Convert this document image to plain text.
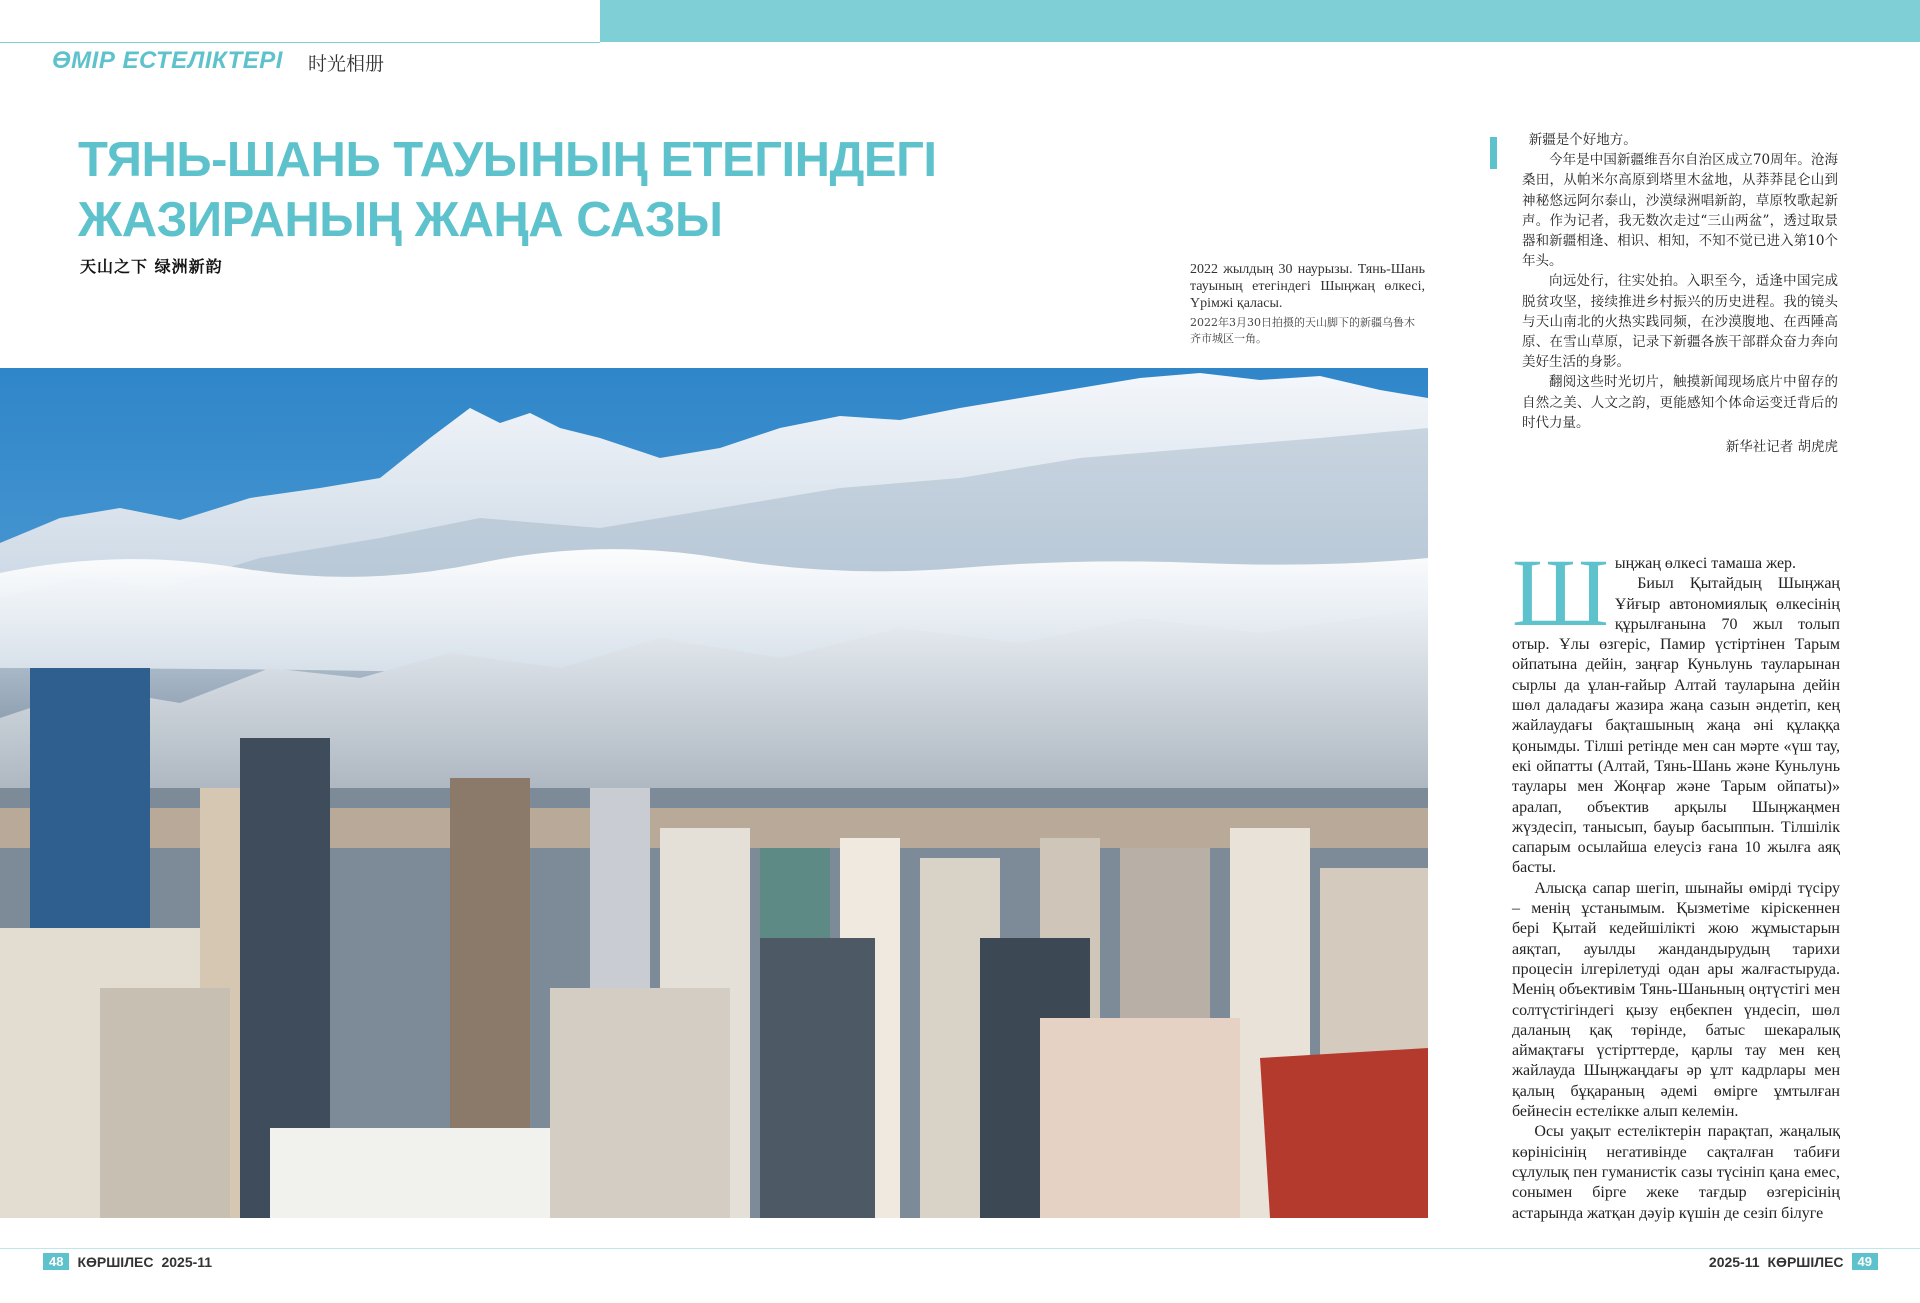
ӨМІР ЕСТЕЛІКТЕРІ 时光相册
ТЯНЬ-ШАНЬ ТАУЫНЫҢ ЕТЕГІНДЕГІ
ЖАЗИРАНЫҢ ЖАҢА САЗЫ
天山之下 绿洲新韵	2022 жылдың 30 наурызы. Тянь-Шань тауының етегіндегі Шыңжаң өлкесі, Үрімжі қаласы.
2022年3月30日拍摄的天山脚下的新疆乌鲁木齐市城区一角。

新疆是个好地方。

今年是中国新疆维吾尔自治区成立70周年。沧海桑田，从帕米尔高原到塔里木盆地，从莽莽昆仑山到神秘悠远阿尔泰山，沙漠绿洲唱新韵，草原牧歌起新声。作为记者，我无数次走过“三山两盆”，透过取景器和新疆相逢、相识、相知，不知不觉已进入第10个年头。

向远处行，往实处拍。入职至今，适逢中国完成脱贫攻坚，接续推进乡村振兴的历史进程。我的镜头与天山南北的火热实践同频，在沙漠腹地、在西陲高原、在雪山草原，记录下新疆各族干部群众奋力奔向美好生活的身影。

翻阅这些时光切片，触摸新闻现场底片中留存的自然之美、人文之韵，更能感知个体命运变迁背后的时代力量。

新华社记者 胡虎虎

Шыңжаң өлкесі тамаша жер.

Биыл Қытайдың Шыңжаң Ұйғыр автономиялық өлкесінің құрылғанына 70 жыл толып отыр. Ұлы өзгеріс, Памир үстіртінен Тарым ойпатына дейін, заңғар Куньлунь тауларынан сырлы да ұлан-ғайыр Алтай тауларына дейін шөл даладағы жазира жаңа сазын әндетіп, кең жайлаудағы бақташының жаңа әні құлаққа қонымды. Тілші ретінде мен сан мәрте «үш тау, екі ойпатты (Алтай, Тянь-Шань және Куньлунь таулары мен Жоңғар және Тарым ойпаты)» аралап, объектив арқылы Шыңжаңмен жүздесіп, танысып, бауыр басыппын. Тілшілік сапарым осылайша елеусіз ғана 10 жылға аяқ басты.

Алысқа сапар шегіп, шынайы өмірді түсіру – менің ұстанымым. Қызметіме кіріскеннен бері Қытай кедейшілікті жою жұмыстарын аяқтап, ауылды жандандырудың тарихи процесін ілгерілетуді одан ары жалғастыруда. Менің объективім Тянь-Шаньның оңтүстігі мен солтүстігіндегі қызу еңбекпен үндесіп, шөл даланың қақ төрінде, батыс шекаралық аймақтағы үстірттерде, қарлы тау мен кең жайлауда Шыңжаңдағы әр ұлт кадрлары мен қалың бұқараның әдемі өмірге ұмтылған бейнесін естелікке алып келемін.

Осы уақыт естеліктерін парақтап, жаңалық көрінісінің негативінде сақталған табиғи сұлулық пен гуманистік сазы түсініп қана емес, сонымен бірге жеке тағдыр өзгерісінің астарында жатқан дәуір күшін де сезіп білуге

48	КӨРШІЛЕС 2025-11	2025-11 КӨРШІЛЕС	49
